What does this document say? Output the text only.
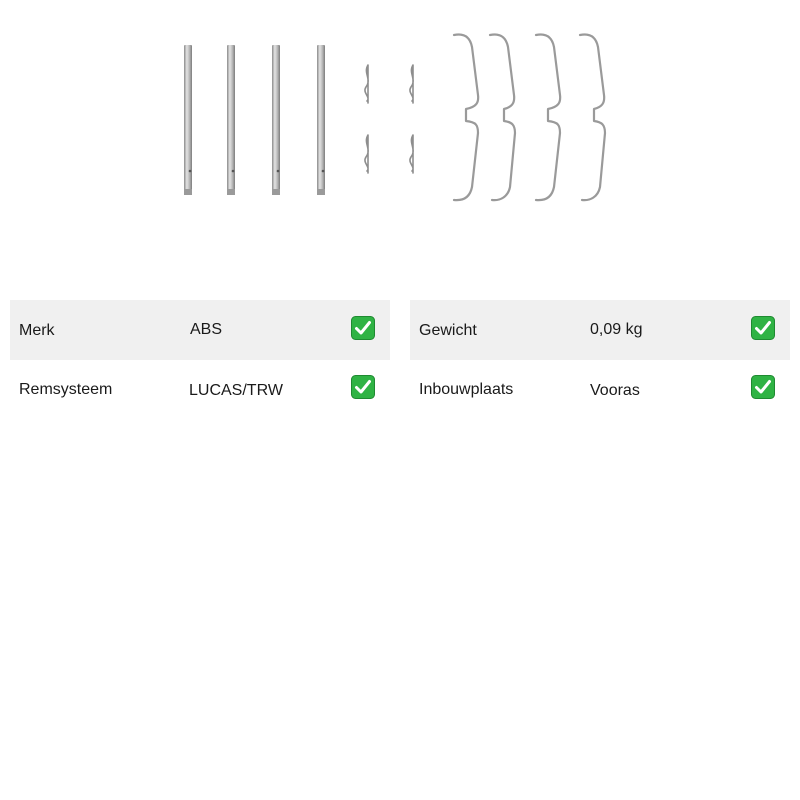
Merk	ABS
Remsysteem	LUCAS/TRW
Gewicht	0,09 kg
Inbouwplaats	Vooras
